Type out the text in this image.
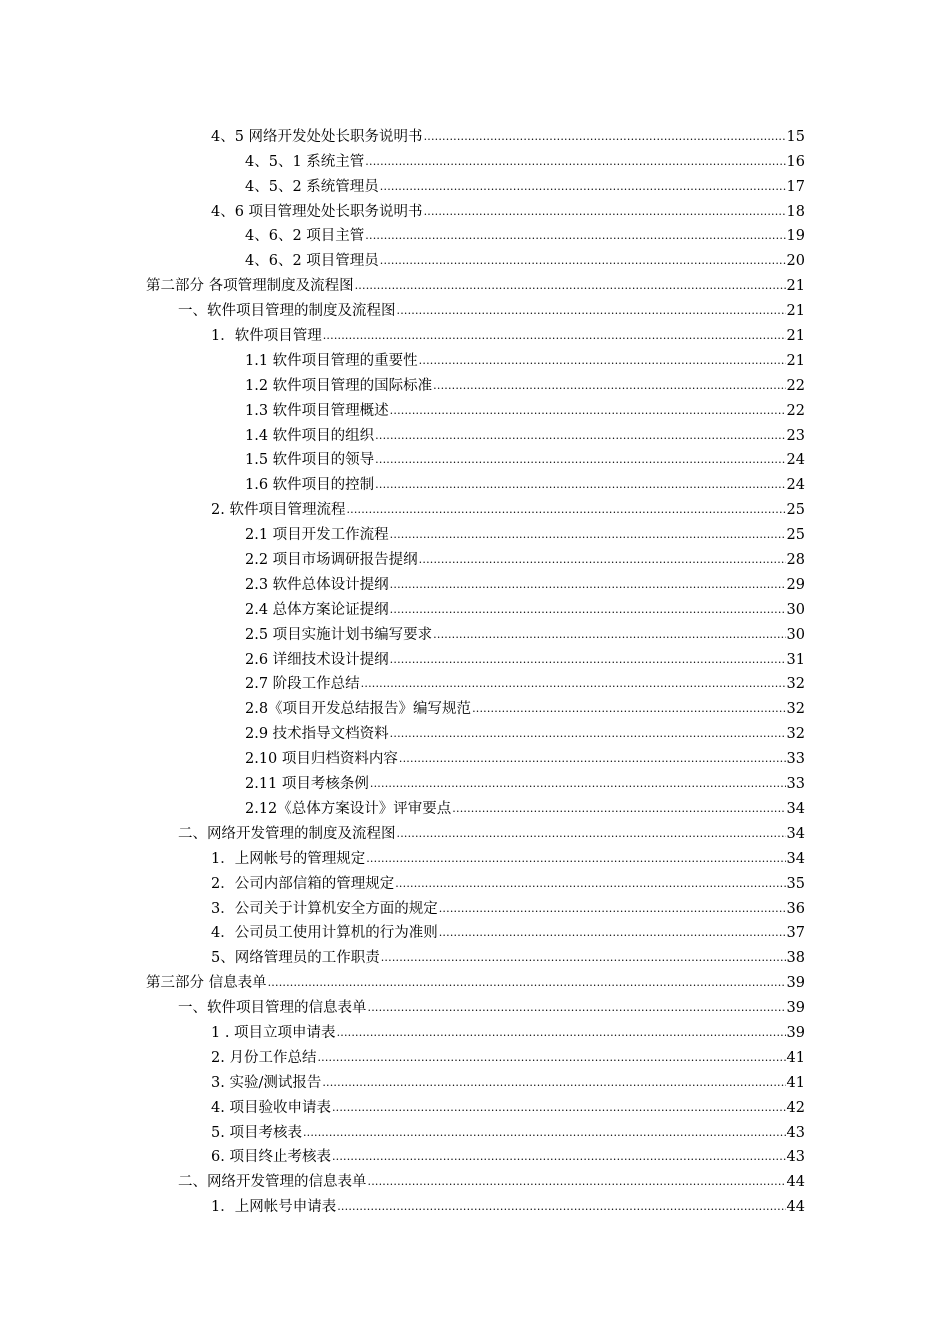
4、5 网络开发处处长职务说明书 .....	15
4、5、1 系统主管 .....	16
4、5、2 系统管理员 .....	17
4、6 项目管理处处长职务说明书 .....	18
4、6、2 项目主管 .....	19
4、6、2 项目管理员 .....	20
第二部分 各项管理制度及流程图 .....	21
一、软件项目管理的制度及流程图 .....	21
1．软件项目管理 .....	21
1.1 软件项目管理的重要性 .....	21
1.2 软件项目管理的国际标准 .....	22
1.3 软件项目管理概述 .....	22
1.4 软件项目的组织 .....	23
1.5 软件项目的领导 .....	24
1.6 软件项目的控制 .....	24
2. 软件项目管理流程 .....	25
2.1 项目开发工作流程 .....	25
2.2 项目市场调研报告提纲 .....	28
2.3 软件总体设计提纲 .....	29
2.4 总体方案论证提纲 .....	30
2.5 项目实施计划书编写要求 .....	30
2.6 详细技术设计提纲 .....	31
2.7 阶段工作总结 .....	32
2.8《项目开发总结报告》编写规范 .....	32
2.9 技术指导文档资料 .....	32
2.10 项目归档资料内容 .....	33
2.11 项目考核条例 .....	33
2.12《总体方案设计》评审要点 .....	34
二、网络开发管理的制度及流程图 .....	34
1．上网帐号的管理规定 .....	34
2．公司内部信箱的管理规定 .....	35
3．公司关于计算机安全方面的规定 .....	36
4．公司员工使用计算机的行为准则 .....	37
5、网络管理员的工作职责 .....	38
第三部分 信息表单 .....	39
一、软件项目管理的信息表单 .....	39
1 . 项目立项申请表 .....	39
2. 月份工作总结 .....	41
3. 实验/测试报告 .....	41
4. 项目验收申请表 .....	42
5. 项目考核表 .....	43
6. 项目终止考核表 .....	43
二、网络开发管理的信息表单 .....	44
1．上网帐号申请表 .....	44
